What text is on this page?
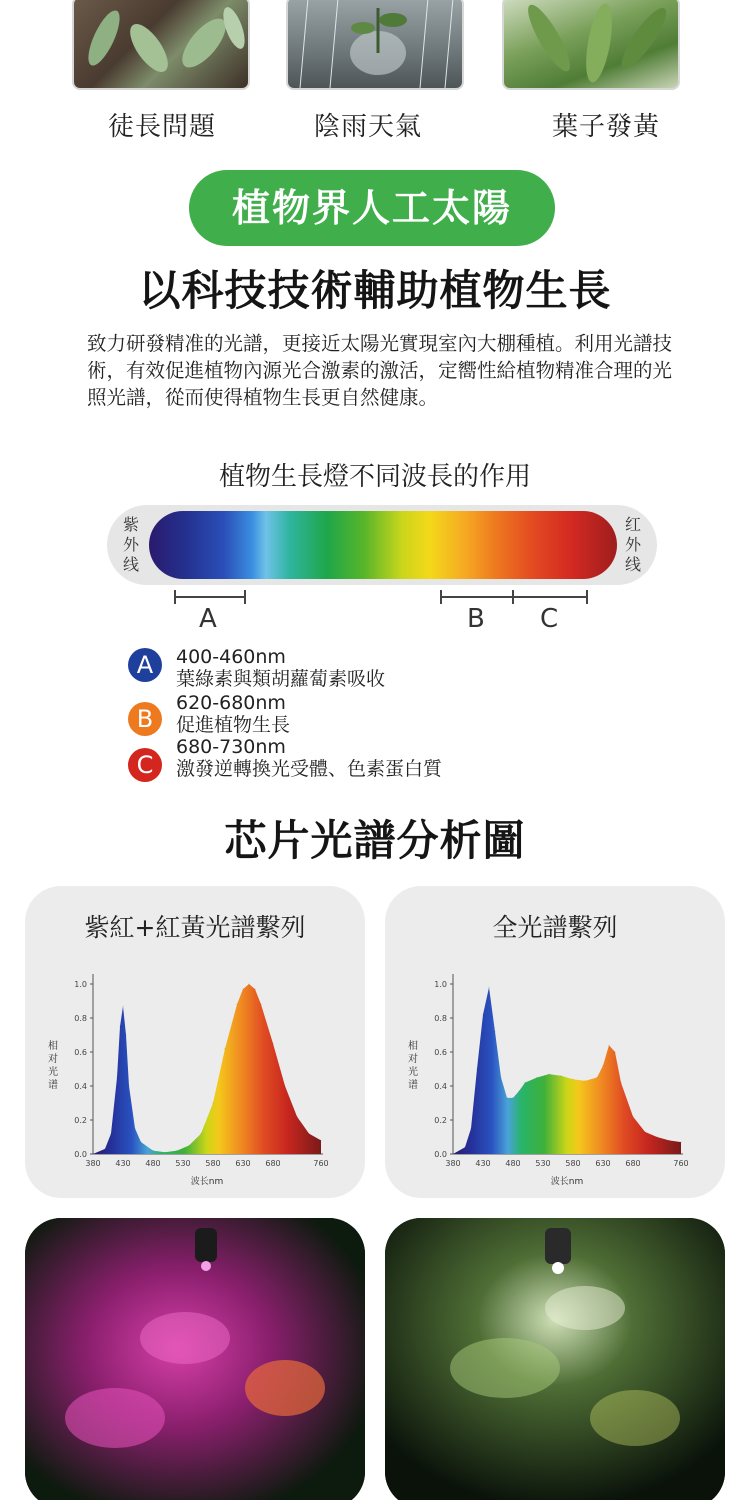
徒長問題	陰雨天氣	葉子發黃
植物界人工太陽
以科技技術輔助植物生長
致力研發精准的光譜，更接近太陽光實現室內大棚種植。利用光譜技術，有效促進植物內源光合激素的激活，定嚮性給植物精准合理的光照光譜，從而使得植物生長更自然健康。
植物生長燈不同波長的作用
紫外线
红外线
A	B C
A	400-460nm
葉綠素與類胡蘿蔔素吸收
B
620-680nm
促進植物生長
C
680-730nm
激發逆轉換光受體、色素蛋白質
芯片光譜分析圖
紫紅+紅黃光譜繫列
0.0
0.2
0.4
0.6
0.8
1.0
380 430 480 530 580 630 680	760
波长nm
相对光谱
全光譜繫列
0.0
0.2
0.4
0.6
0.8
1.0
380 430 480 530 580 630 680	760
波长nm
相对光谱
